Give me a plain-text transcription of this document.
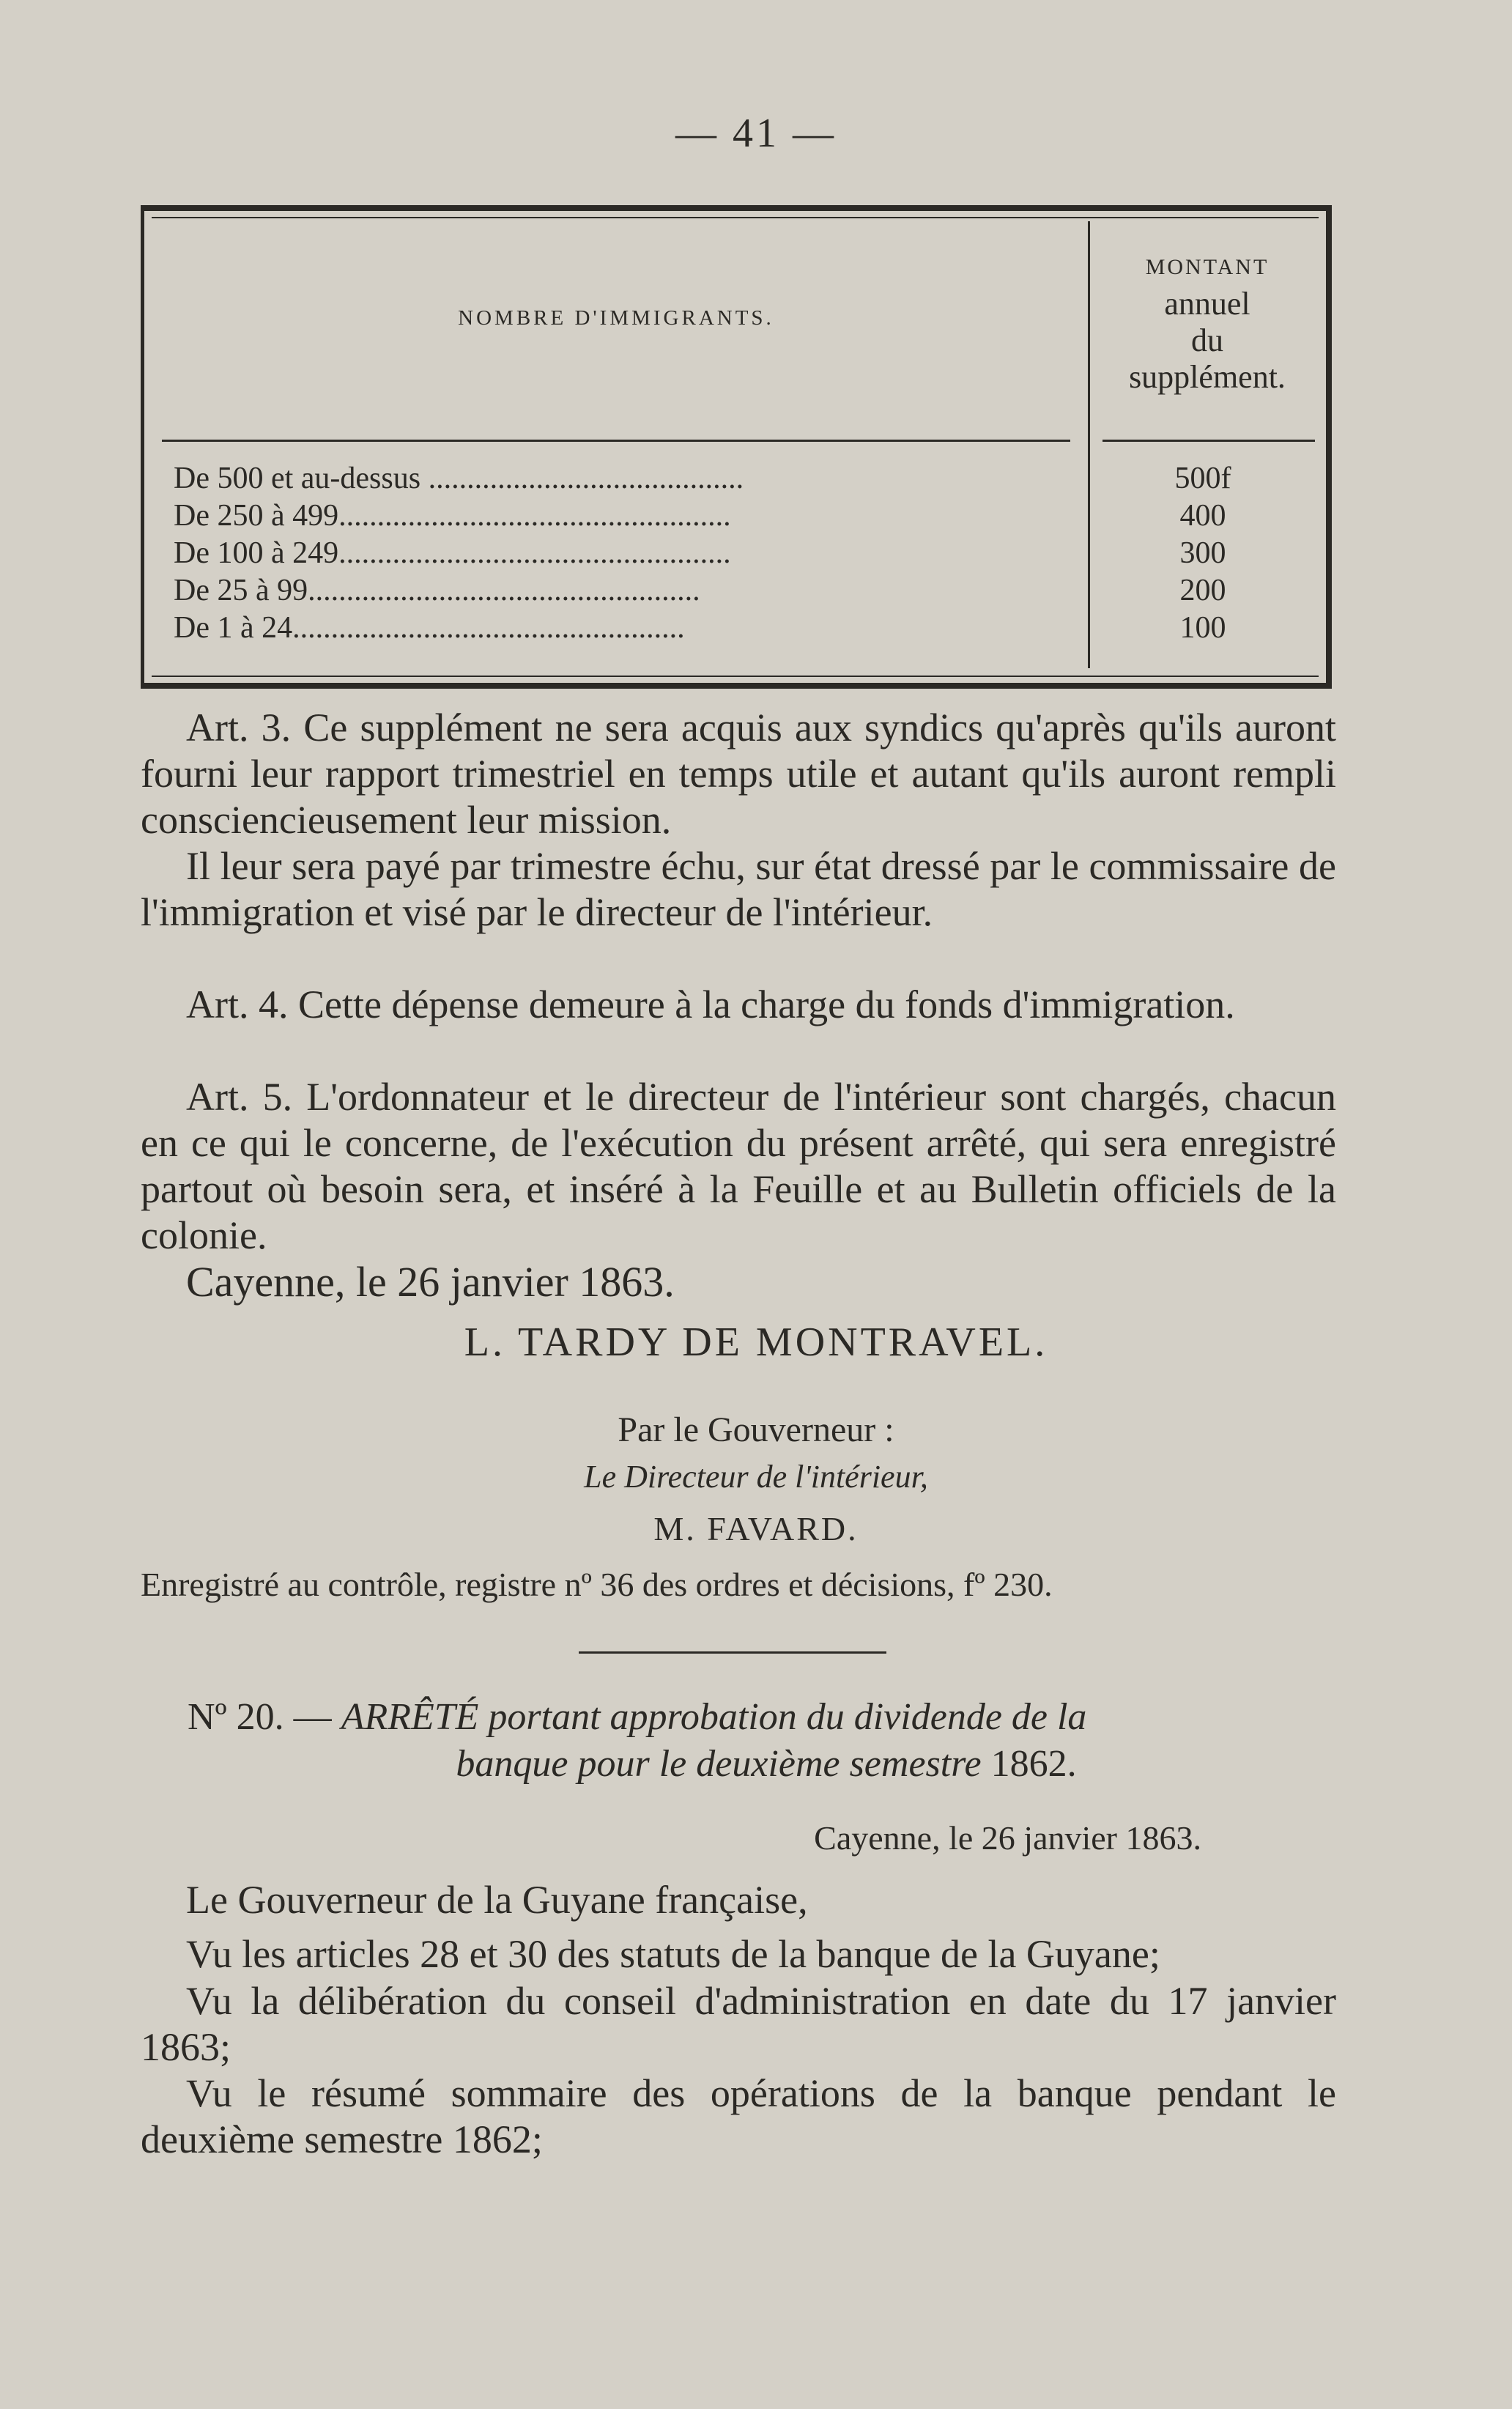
— 41 —
NOMBRE D'IMMIGRANTS.
MONTANT
annuel
du
supplément.
De 500 et au-dessus .........................................	500f
De 250 à 499...................................................	400
De 100 à 249...................................................	300
De 25 à 99...................................................	200
De 1 à 24...................................................	100
Art. 3. Ce supplément ne sera acquis aux syndics qu'après qu'ils auront fourni leur rapport trimestriel en temps utile et autant qu'ils auront rempli consciencieusement leur mission.
Il leur sera payé par trimestre échu, sur état dressé par le commissaire de l'immigration et visé par le directeur de l'intérieur.
Art. 4. Cette dépense demeure à la charge du fonds d'immigration.
Art. 5. L'ordonnateur et le directeur de l'intérieur sont chargés, chacun en ce qui le concerne, de l'exécution du présent arrêté, qui sera enregistré partout où besoin sera, et inséré à la Feuille et au Bulletin officiels de la colonie.
Cayenne, le 26 janvier 1863.
L. TARDY DE MONTRAVEL.
Par le Gouverneur :
Le Directeur de l'intérieur,
M. FAVARD.
Enregistré au contrôle, registre nº 36 des ordres et décisions, fº 230.
Nº 20. — ARRÊTÉ portant approbation du dividende de la
banque pour le deuxième semestre 1862.
Cayenne, le 26 janvier 1863.
Le Gouverneur de la Guyane française,
Vu les articles 28 et 30 des statuts de la banque de la Guyane;
Vu la délibération du conseil d'administration en date du 17 janvier 1863;
Vu le résumé sommaire des opérations de la banque pendant le deuxième semestre 1862;
